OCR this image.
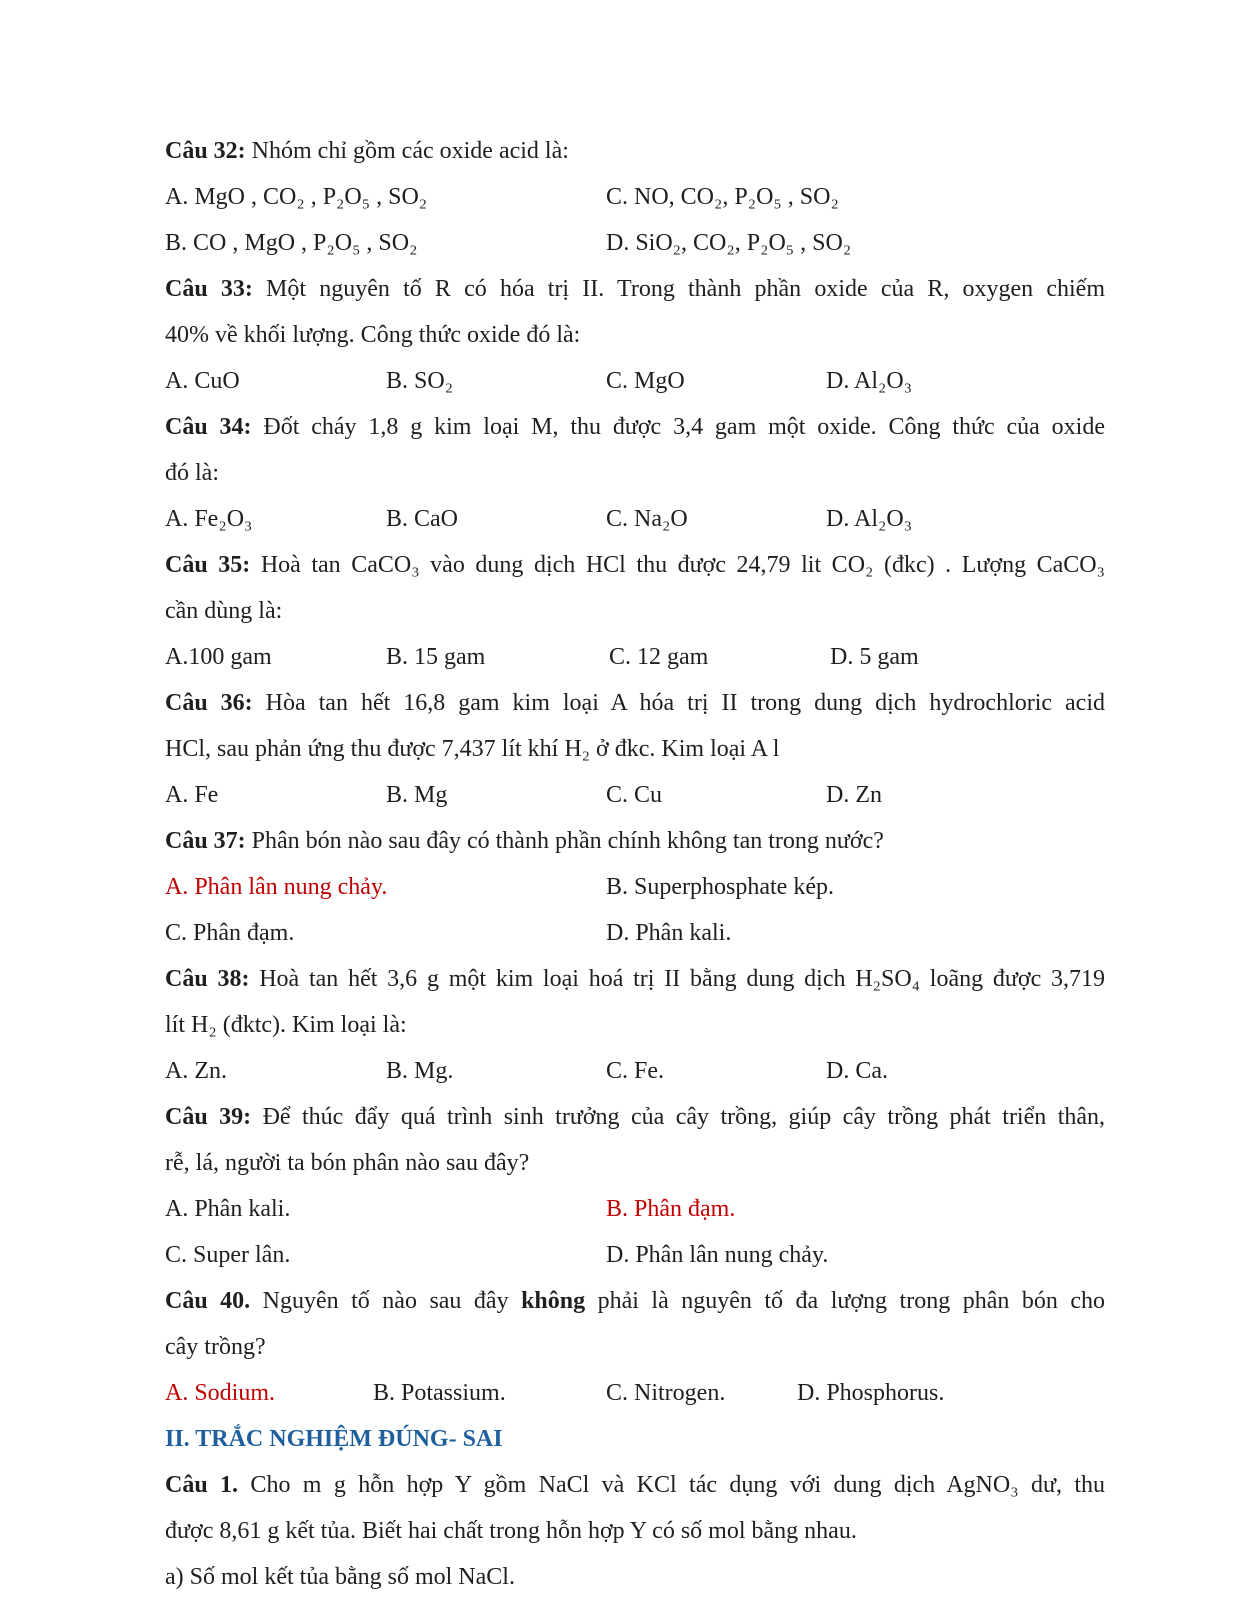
Câu 32: Nhóm chỉ gồm các oxide acid là:
A. MgO , CO₂ , P₂O₅ , SO₂	C. NO, CO₂, P₂O₅ , SO₂
B. CO , MgO , P₂O₅ , SO₂	D. SiO₂, CO₂, P₂O₅ , SO₂
Câu 33: Một nguyên tố R có hóa trị II. Trong thành phần oxide của R, oxygen chiếm
40% về khối lượng. Công thức oxide đó là:
A. CuO	B. SO₂	C. MgO	D. Al₂O₃
Câu 34: Đốt cháy 1,8 g kim loại M, thu được 3,4 gam một oxide. Công thức của oxide
đó là:
A. Fe₂O₃	B. CaO	C. Na₂O	D. Al₂O₃
Câu 35: Hoà tan CaCO₃ vào dung dịch HCl thu được 24,79 lit CO₂ (đkc) . Lượng CaCO₃
cần dùng là:
A.100 gam	B. 15 gam	C. 12 gam	D. 5 gam
Câu 36: Hòa tan hết 16,8 gam kim loại A hóa trị II trong dung dịch hydrochloric acid
HCl, sau phản ứng thu được 7,437 lít khí H₂ ở đkc. Kim loại A l
A. Fe	B. Mg	C. Cu	D. Zn
Câu 37: Phân bón nào sau đây có thành phần chính không tan trong nước?
A. Phân lân nung chảy.	B. Superphosphate kép.
C. Phân đạm.	D. Phân kali.
Câu 38: Hoà tan hết 3,6 g một kim loại hoá trị II bằng dung dịch H₂SO₄ loãng được 3,719
lít H₂ (đktc). Kim loại là:
A. Zn.	B. Mg.	C. Fe.	D. Ca.
Câu 39: Để thúc đẩy quá trình sinh trưởng của cây trồng, giúp cây trồng phát triển thân,
rễ, lá, người ta bón phân nào sau đây?
A. Phân kali.	B. Phân đạm.
C. Super lân.	D. Phân lân nung chảy.
Câu 40. Nguyên tố nào sau đây không phải là nguyên tố đa lượng trong phân bón cho
cây trồng?
A. Sodium.	B. Potassium.	C. Nitrogen.	D. Phosphorus.
II. TRẮC NGHIỆM ĐÚNG- SAI
Câu 1. Cho m g hỗn hợp Y gồm NaCl và KCl tác dụng với dung dịch AgNO₃ dư, thu
được 8,61 g kết tủa. Biết hai chất trong hỗn hợp Y có số mol bằng nhau.
a) Số mol kết tủa bằng số mol NaCl.
